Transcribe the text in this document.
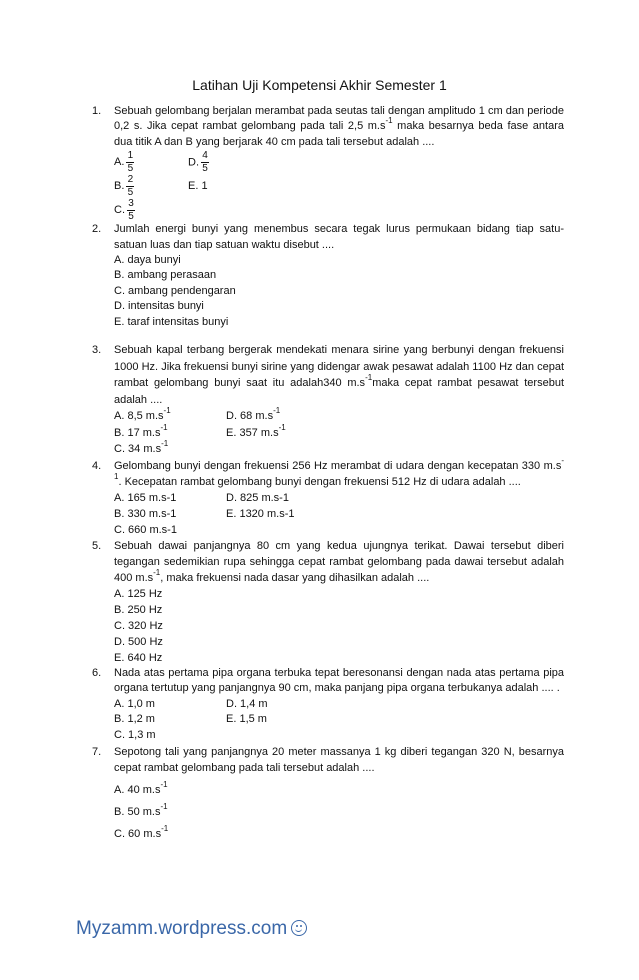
Latihan Uji Kompetensi Akhir Semester 1
1. Sebuah gelombang berjalan merambat pada seutas tali dengan amplitudo 1 cm dan periode 0,2 s. Jika cepat rambat gelombang pada tali 2,5 $m.s^{-1}$ maka besarnya beda fase antara dua titik A dan B yang berjarak 40 cm pada tali tersebut adalah ....
A. $\frac{1}{5}$	D. $\frac{4}{5}$
B. $\frac{2}{5}$	E. 1
C. $\frac{3}{5}$
2. Jumlah energi bunyi yang menembus secara tegak lurus permukaan bidang tiap satu-satuan luas dan tiap satuan waktu disebut ....
A. daya bunyi
B. ambang perasaan
C. ambang pendengaran
D. intensitas bunyi
E. taraf intensitas bunyi
3. Sebuah kapal terbang bergerak mendekati menara sirine yang berbunyi dengan frekuensi 1000 Hz. Jika frekuensi bunyi sirine yang didengar awak pesawat adalah 1100 Hz dan cepat rambat gelombang bunyi saat itu adalah340 $m.s^{-1}maka$ cepat rambat pesawat tersebut adalah ....
A. 8,5 $m.s^{-1}$	D. 68 $m.s^{-1}$
B. 17 $m.s^{-1}$	E. 357 $m.s^{-1}$
C. 34 $m.s^{-1}$
4. Gelombang bunyi dengan frekuensi 256 Hz merambat di udara dengan kecepatan 330 $m.s^{-1}$. Kecepatan rambat gelombang bunyi dengan frekuensi 512 Hz di udara adalah ....
A. 165 m.s-1	D. 825 m.s-1
B. 330 m.s-1	E. 1320 m.s-1
C. 660 m.s-1
5. Sebuah dawai panjangnya 80 cm yang kedua ujungnya terikat. Dawai tersebut diberi tegangan sedemikian rupa sehingga cepat rambat gelombang pada dawai tersebut adalah 400 $m.s^{-1}$, maka frekuensi nada dasar yang dihasilkan adalah ....
A. 125 Hz
B. 250 Hz
C. 320 Hz
D. 500 Hz
E. 640 Hz
6. Nada atas pertama pipa organa terbuka tepat beresonansi dengan nada atas pertama pipa organa tertutup yang panjangnya 90 cm, maka panjang pipa organa terbukanya adalah .... .
A. 1,0 m	D. 1,4 m
B. 1,2 m	E. 1,5 m
C. 1,3 m
7. Sepotong tali yang panjangnya 20 meter massanya 1 kg diberi tegangan 320 N, besarnya cepat rambat gelombang pada tali tersebut adalah ....
A. 40 $m.s^{-1}$
B. 50 $m.s^{-1}$
C. 60 $m.s^{-1}$
Myzamm.wordpress.com
